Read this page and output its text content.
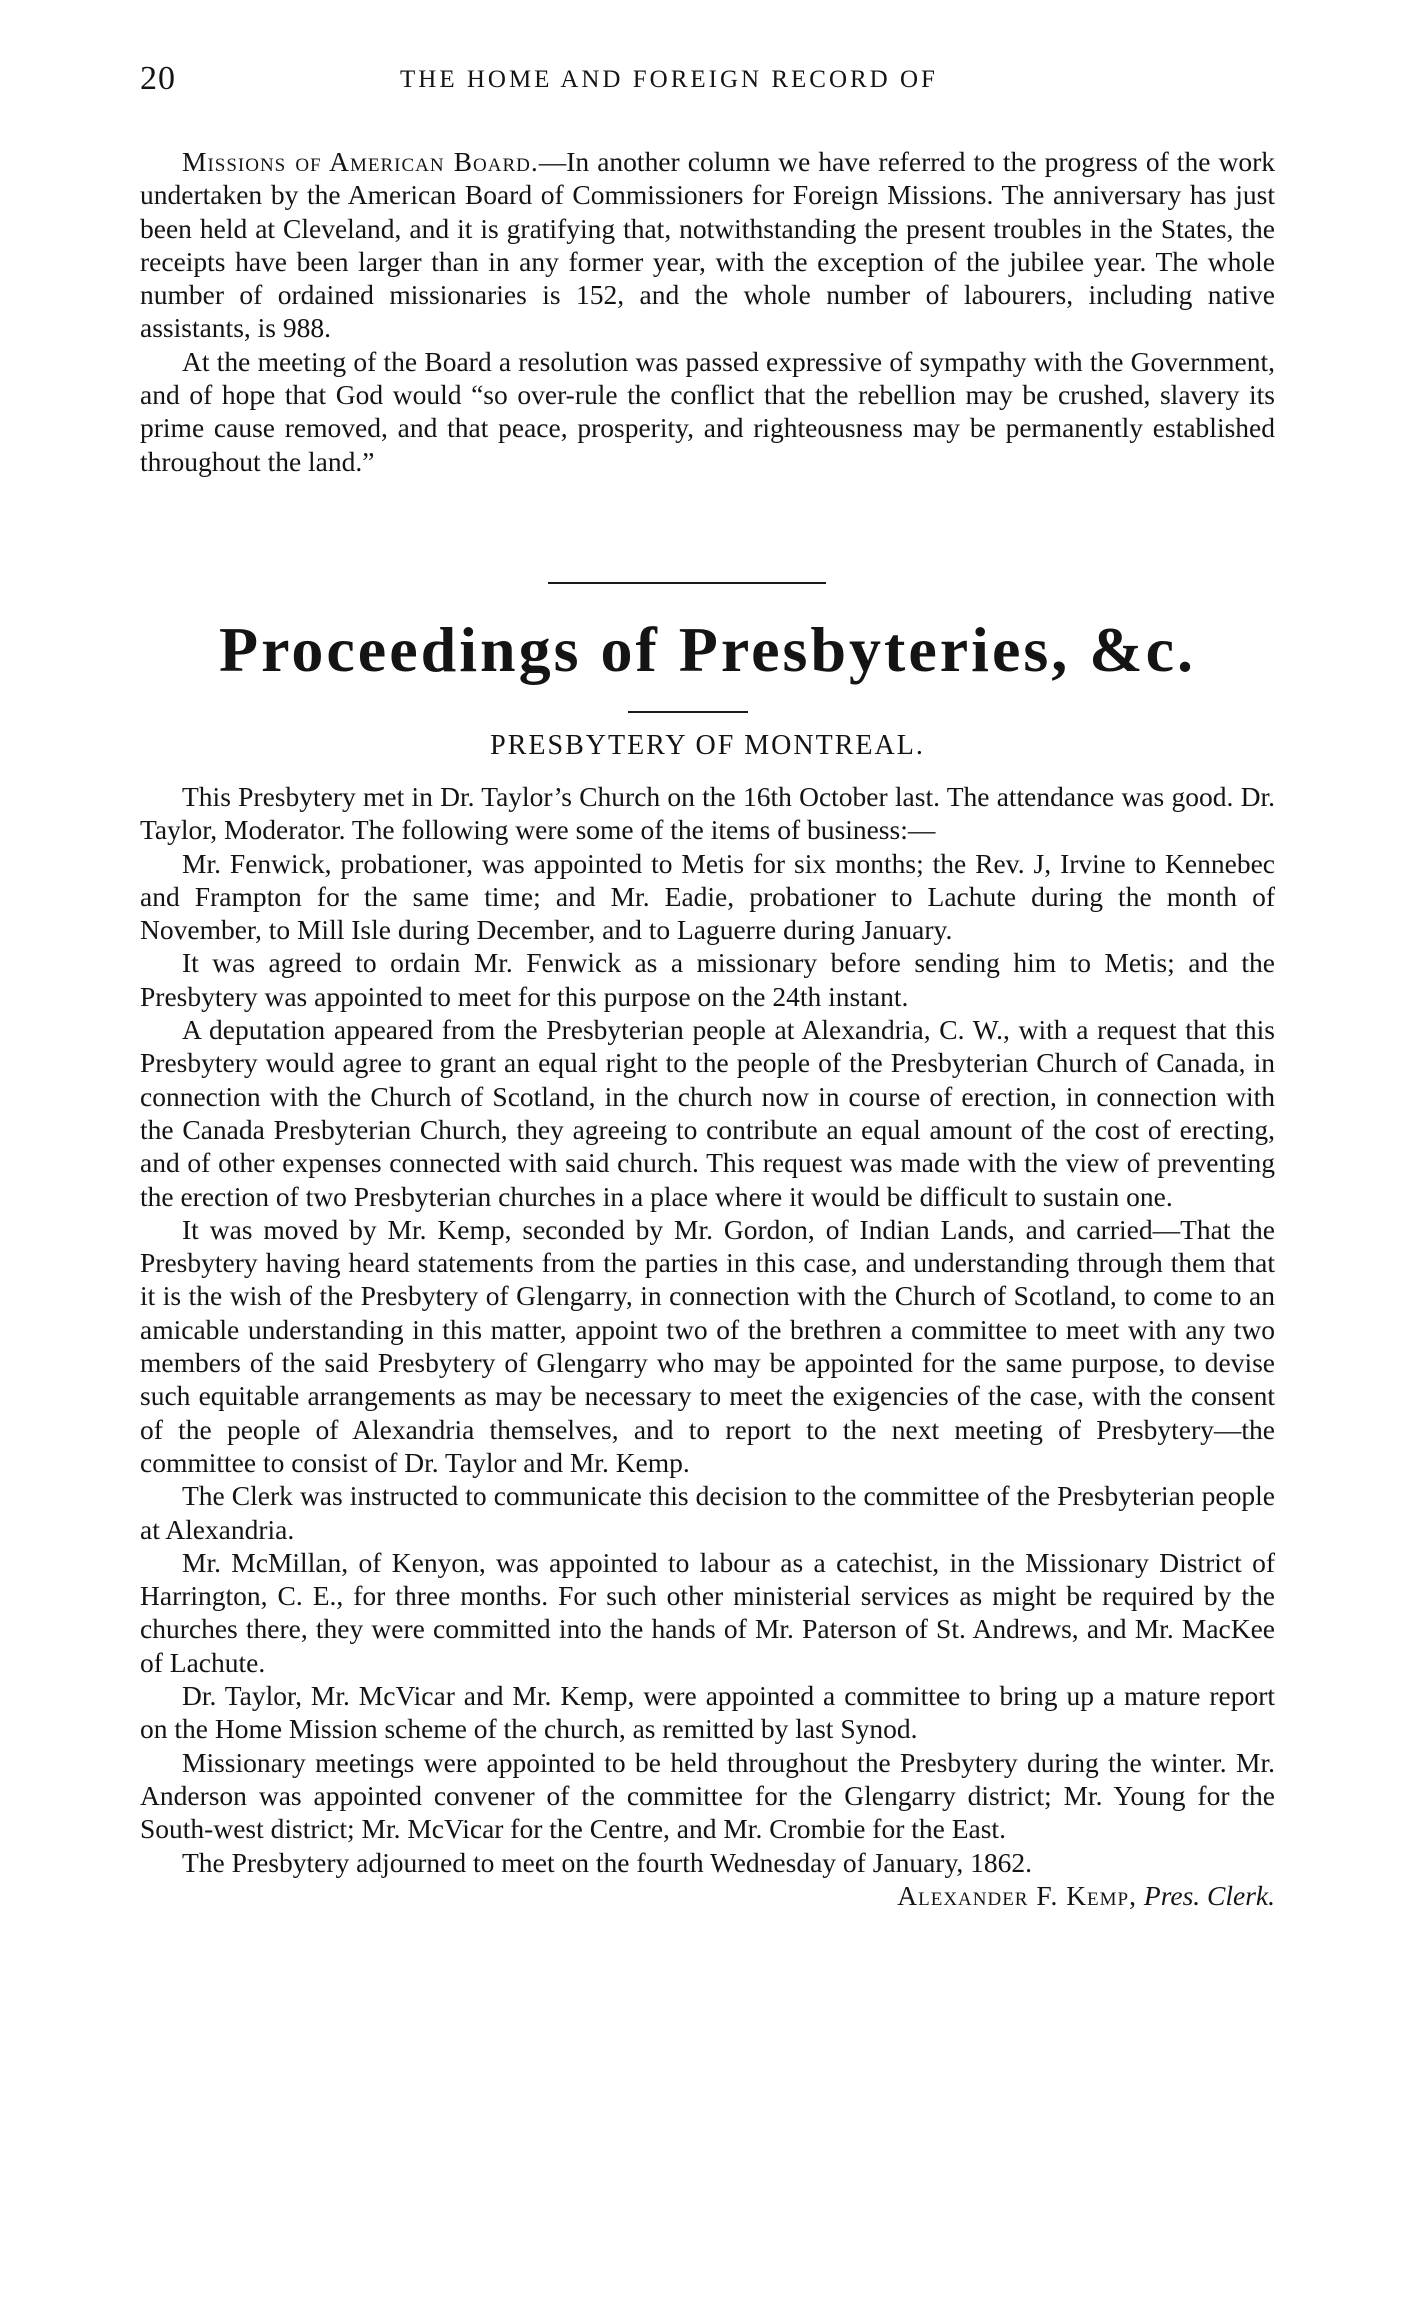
20	THE HOME AND FOREIGN RECORD OF

Missions of American Board.—In another column we have referred to the progress of the work undertaken by the American Board of Commissioners for Foreign Missions. The anniversary has just been held at Cleveland, and it is gratifying that, notwithstanding the present troubles in the States, the receipts have been larger than in any former year, with the exception of the jubilee year. The whole number of ordained missionaries is 152, and the whole number of labourers, including native assistants, is 988.

At the meeting of the Board a resolution was passed expressive of sympathy with the Government, and of hope that God would “so over-rule the conflict that the rebellion may be crushed, slavery its prime cause removed, and that peace, prosperity, and righteousness may be permanently established throughout the land.”

Proceedings of Presbyteries, &c.
PRESBYTERY OF MONTREAL.

This Presbytery met in Dr. Taylor’s Church on the 16th October last. The attendance was good. Dr. Taylor, Moderator. The following were some of the items of business:—

Mr. Fenwick, probationer, was appointed to Metis for six months; the Rev. J, Irvine to Kennebec and Frampton for the same time; and Mr. Eadie, probationer to Lachute during the month of November, to Mill Isle during December, and to Laguerre during January.

It was agreed to ordain Mr. Fenwick as a missionary before sending him to Metis; and the Presbytery was appointed to meet for this purpose on the 24th instant.

A deputation appeared from the Presbyterian people at Alexandria, C. W., with a request that this Presbytery would agree to grant an equal right to the people of the Presbyterian Church of Canada, in connection with the Church of Scotland, in the church now in course of erection, in connection with the Canada Presbyterian Church, they agreeing to contribute an equal amount of the cost of erecting, and of other expenses connected with said church. This request was made with the view of preventing the erection of two Presbyterian churches in a place where it would be difficult to sustain one.

It was moved by Mr. Kemp, seconded by Mr. Gordon, of Indian Lands, and carried—That the Presbytery having heard statements from the parties in this case, and understanding through them that it is the wish of the Presbytery of Glengarry, in connection with the Church of Scotland, to come to an amicable understanding in this matter, appoint two of the brethren a committee to meet with any two members of the said Presbytery of Glengarry who may be appointed for the same purpose, to devise such equitable arrangements as may be necessary to meet the exigencies of the case, with the consent of the people of Alexandria themselves, and to report to the next meeting of Presbytery—the committee to consist of Dr. Taylor and Mr. Kemp.

The Clerk was instructed to communicate this decision to the committee of the Presbyterian people at Alexandria.

Mr. McMillan, of Kenyon, was appointed to labour as a catechist, in the Missionary District of Harrington, C. E., for three months. For such other ministerial services as might be required by the churches there, they were committed into the hands of Mr. Paterson of St. Andrews, and Mr. MacKee of Lachute.

Dr. Taylor, Mr. McVicar and Mr. Kemp, were appointed a committee to bring up a mature report on the Home Mission scheme of the church, as remitted by last Synod.

Missionary meetings were appointed to be held throughout the Presbytery during the winter. Mr. Anderson was appointed convener of the committee for the Glengarry district; Mr. Young for the South-west district; Mr. McVicar for the Centre, and Mr. Crombie for the East.

The Presbytery adjourned to meet on the fourth Wednesday of January, 1862.

Alexander F. Kemp, Pres. Clerk.
